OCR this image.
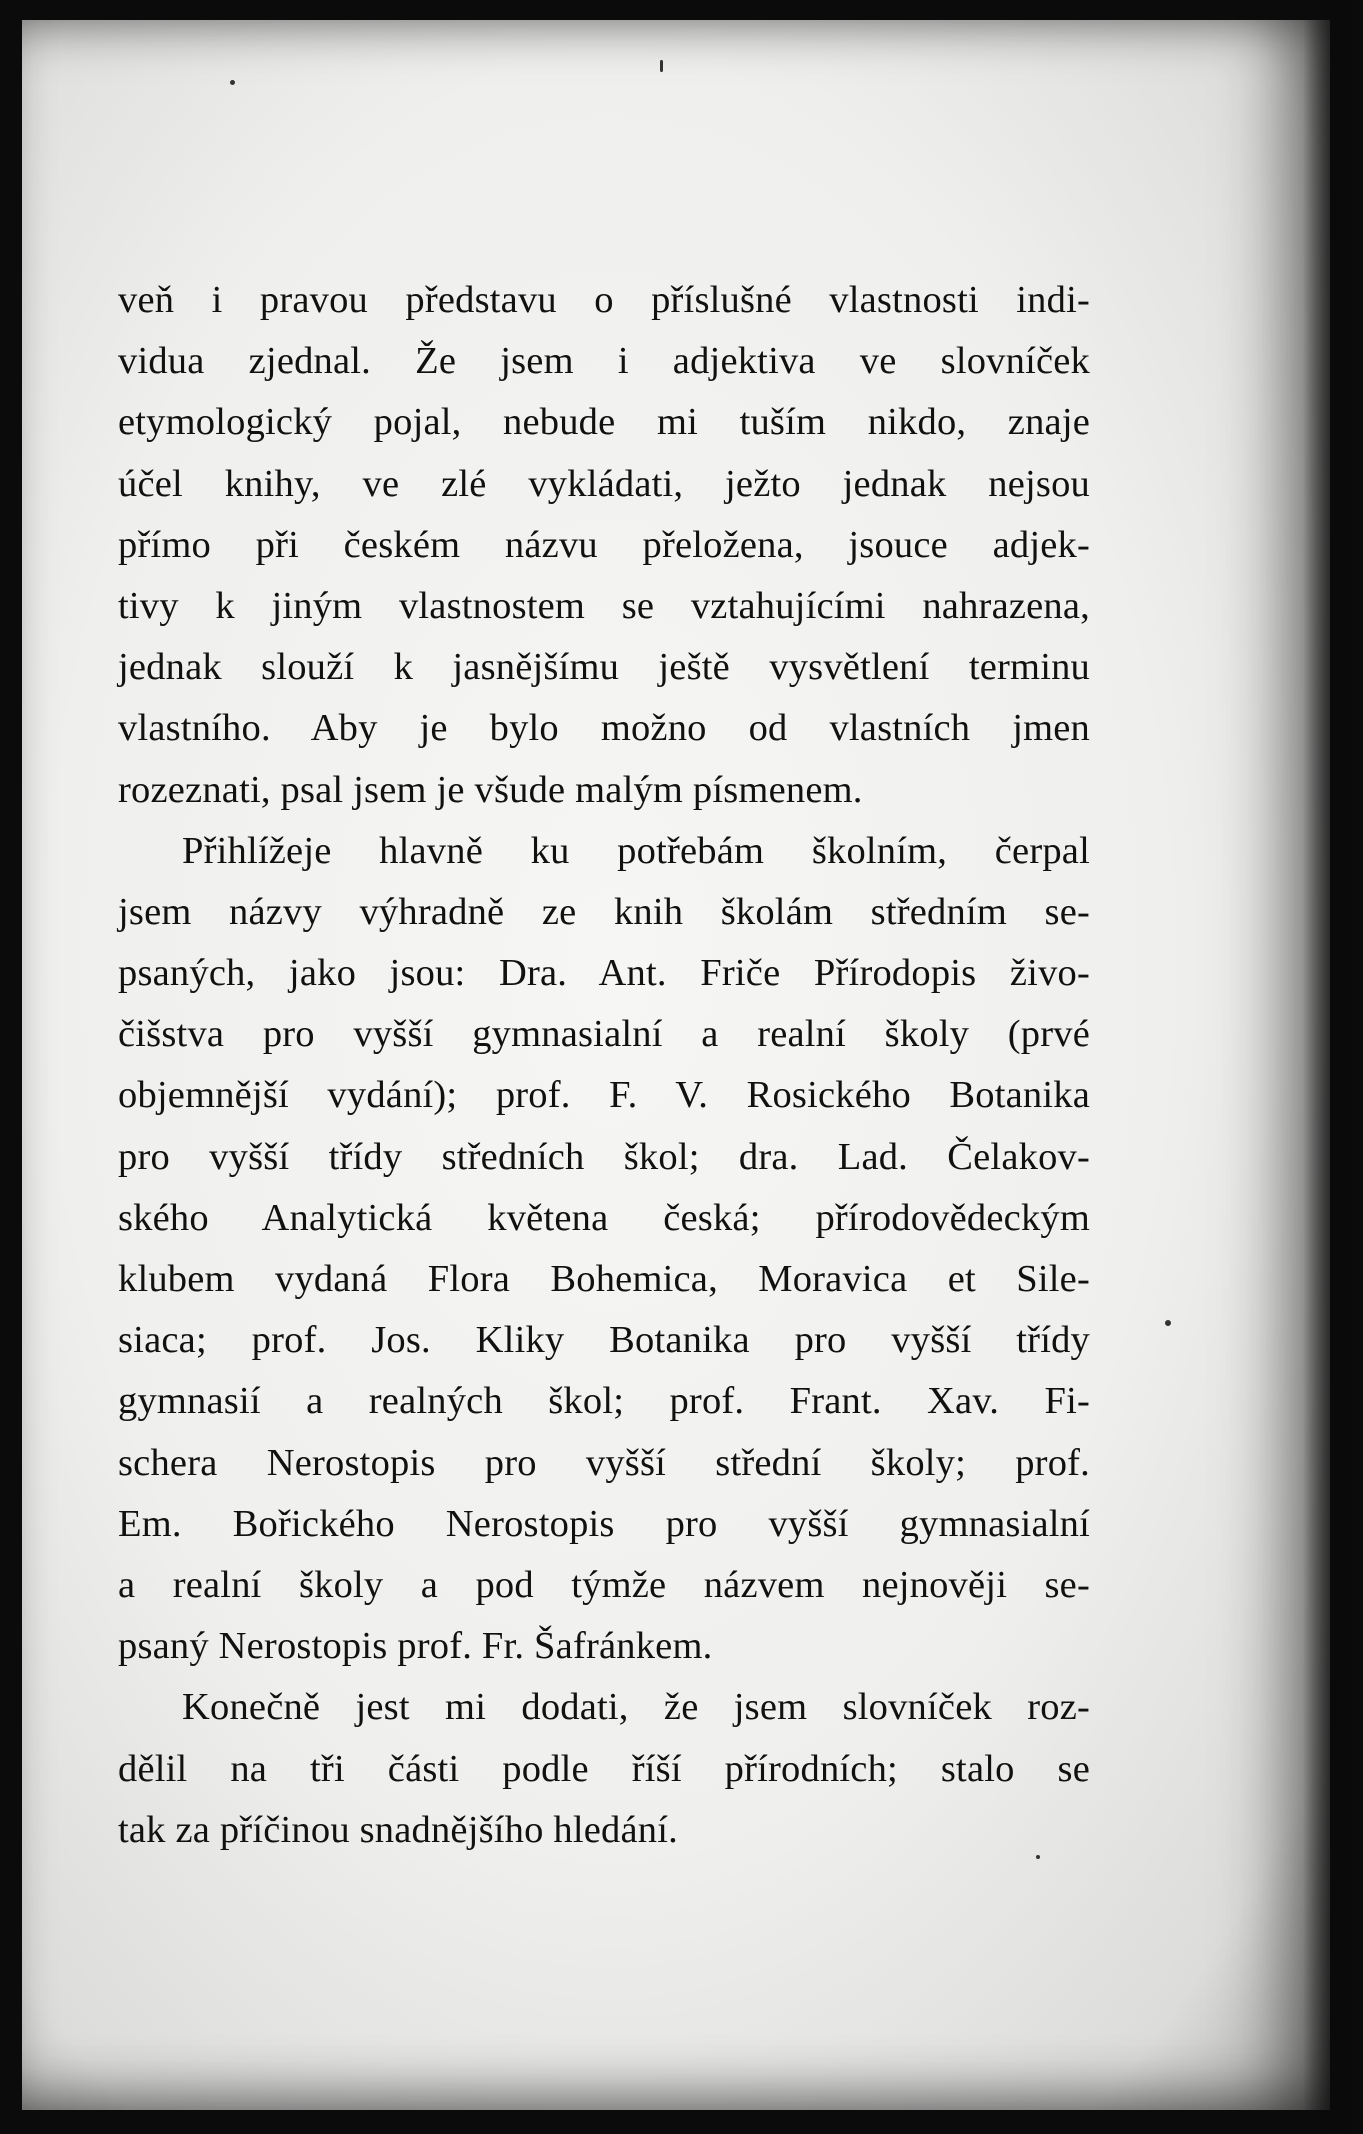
veň i pravou představu o příslušné vlastnosti indi-
vidua zjednal. Že jsem i adjektiva ve slovníček
etymologický pojal, nebude mi tuším nikdo, znaje
účel knihy, ve zlé vykládati, ježto jednak nejsou
přímo při českém názvu přeložena, jsouce adjek-
tivy k jiným vlastnostem se vztahujícími nahrazena,
jednak slouží k jasnějšímu ještě vysvětlení terminu
vlastního. Aby je bylo možno od vlastních jmen
rozeznati, psal jsem je všude malým písmenem.
Přihlížeje hlavně ku potřebám školním, čerpal
jsem názvy výhradně ze knih školám středním se-
psaných, jako jsou: Dra. Ant. Friče Přírodopis živo-
čišstva pro vyšší gymnasialní a realní školy (prvé
objemnější vydání); prof. F. V. Rosického Botanika
pro vyšší třídy středních škol; dra. Lad. Čelakov-
ského Analytická květena česká; přírodovědeckým
klubem vydaná Flora Bohemica, Moravica et Sile-
siaca; prof. Jos. Kliky Botanika pro vyšší třídy
gymnasií a realných škol; prof. Frant. Xav. Fi-
schera Nerostopis pro vyšší střední školy; prof.
Em. Bořického Nerostopis pro vyšší gymnasialní
a realní školy a pod týmže názvem nejnověji se-
psaný Nerostopis prof. Fr. Šafránkem.
Konečně jest mi dodati, že jsem slovníček roz-
dělil na tři části podle říší přírodních; stalo se
tak za příčinou snadnějšího hledání.
